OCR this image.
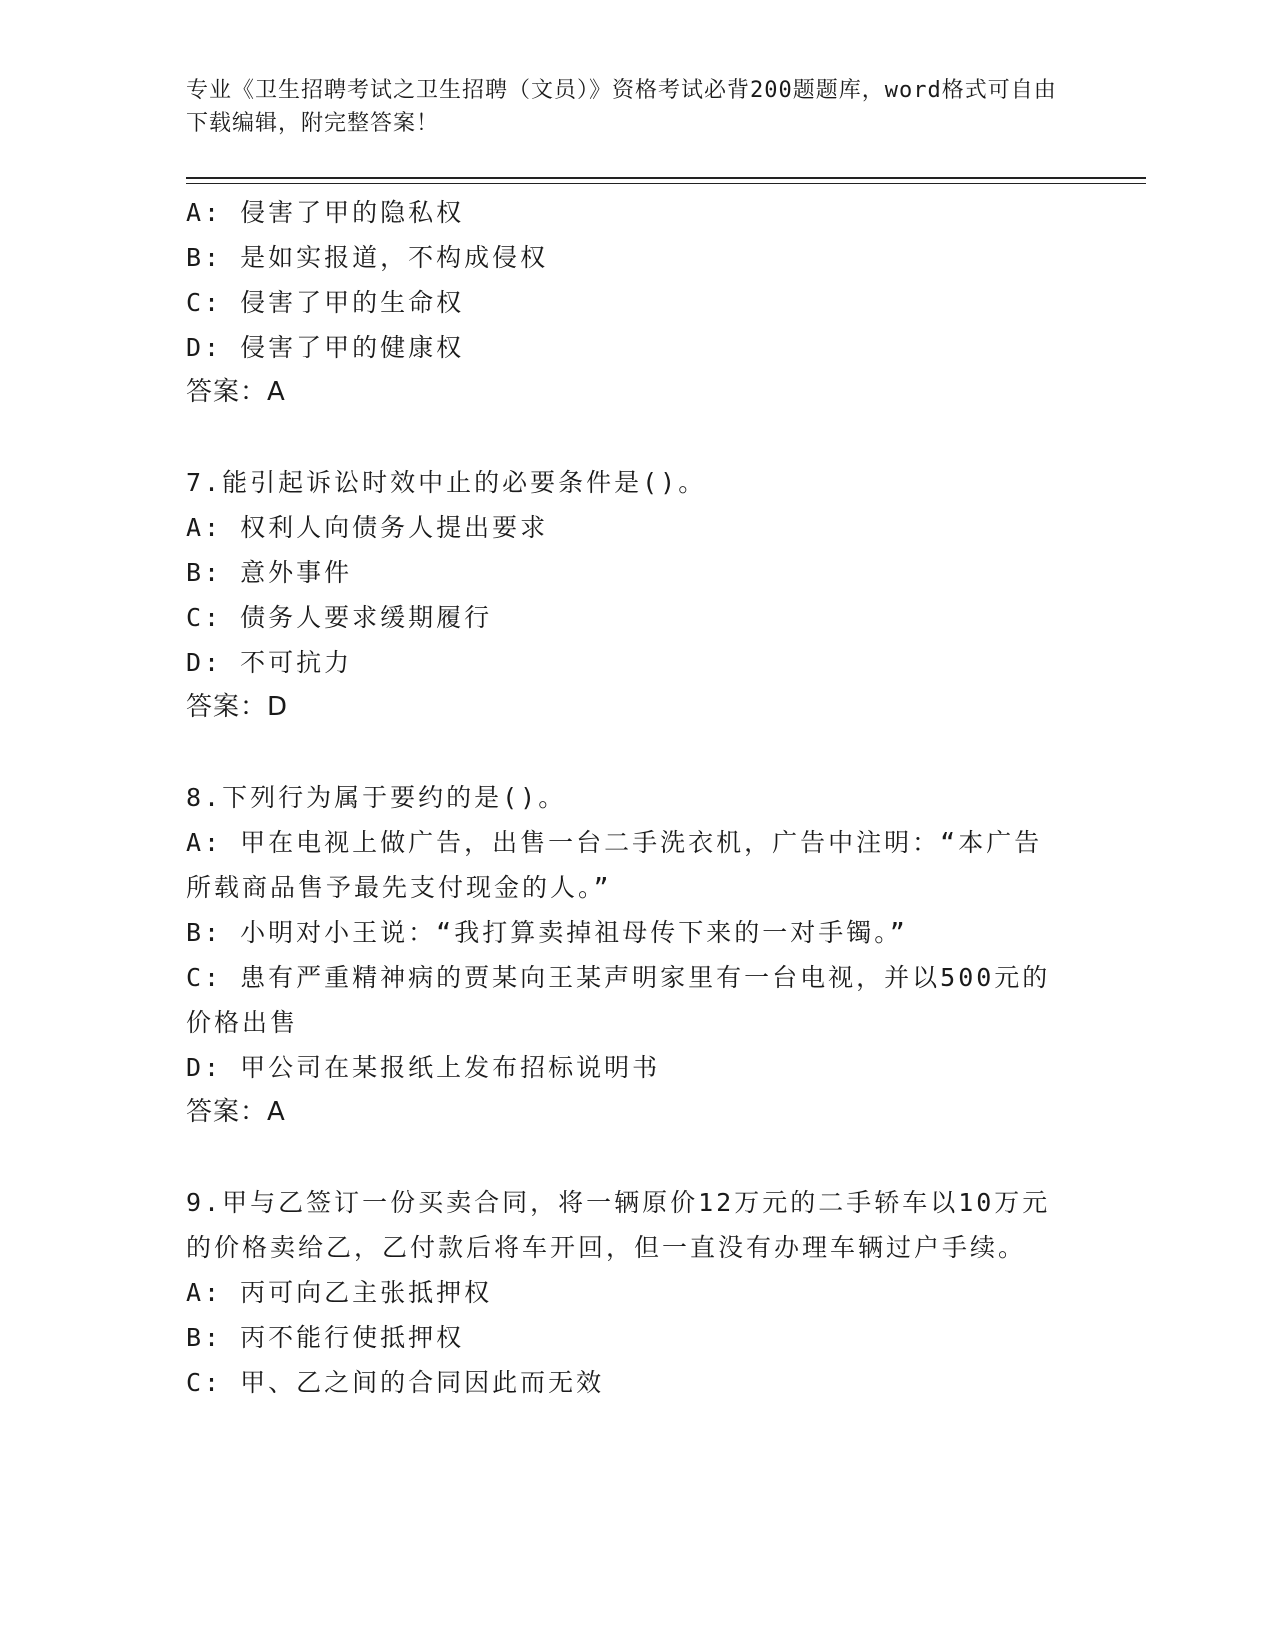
专业《卫生招聘考试之卫生招聘（文员）》资格考试必背200题题库，word格式可自由下载编辑，附完整答案！
A: 侵害了甲的隐私权
B: 是如实报道，不构成侵权
C: 侵害了甲的生命权
D: 侵害了甲的健康权
答案：A
7.能引起诉讼时效中止的必要条件是()。
A: 权利人向债务人提出要求
B: 意外事件
C: 债务人要求缓期履行
D: 不可抗力
答案：D
8.下列行为属于要约的是()。
A: 甲在电视上做广告，出售一台二手洗衣机，广告中注明：“本广告所载商品售予最先支付现金的人。”
B: 小明对小王说：“我打算卖掉祖母传下来的一对手镯。”
C: 患有严重精神病的贾某向王某声明家里有一台电视，并以500元的价格出售
D: 甲公司在某报纸上发布招标说明书
答案：A
9.甲与乙签订一份买卖合同，将一辆原价12万元的二手轿车以10万元的价格卖给乙，乙付款后将车开回，但一直没有办理车辆过户手续。
A: 丙可向乙主张抵押权
B: 丙不能行使抵押权
C: 甲、乙之间的合同因此而无效
